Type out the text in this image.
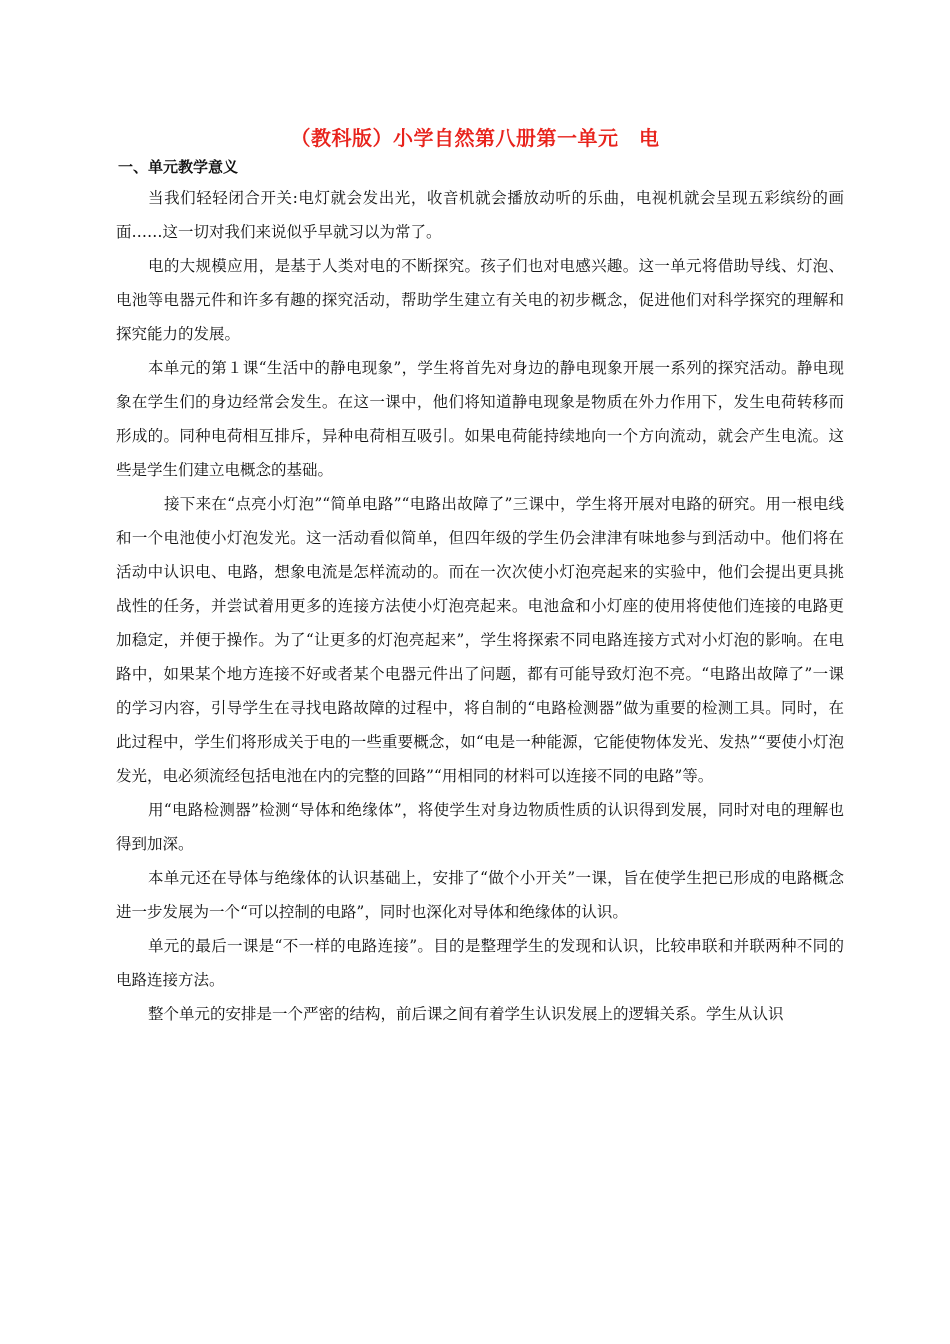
（教科版）小学自然第八册第一单元　电
一、单元教学意义

当我们轻轻闭合开关:电灯就会发出光，收音机就会播放动听的乐曲，电视机就会呈现五彩缤纷的画面……这一切对我们来说似乎早就习以为常了。

电的大规模应用，是基于人类对电的不断探究。孩子们也对电感兴趣。这一单元将借助导线、灯泡、电池等电器元件和许多有趣的探究活动，帮助学生建立有关电的初步概念，促进他们对科学探究的理解和探究能力的发展。

本单元的第１课“生活中的静电现象”，学生将首先对身边的静电现象开展一系列的探究活动。静电现象在学生们的身边经常会发生。在这一课中，他们将知道静电现象是物质在外力作用下，发生电荷转移而形成的。同种电荷相互排斥，异种电荷相互吸引。如果电荷能持续地向一个方向流动，就会产生电流。这些是学生们建立电概念的基础。

接下来在“点亮小灯泡”“简单电路”“电路出故障了”三课中，学生将开展对电路的研究。用一根电线和一个电池使小灯泡发光。这一活动看似简单，但四年级的学生仍会津津有味地参与到活动中。他们将在活动中认识电、电路，想象电流是怎样流动的。而在一次次使小灯泡亮起来的实验中，他们会提出更具挑战性的任务，并尝试着用更多的连接方法使小灯泡亮起来。电池盒和小灯座的使用将使他们连接的电路更加稳定，并便于操作。为了“让更多的灯泡亮起来”，学生将探索不同电路连接方式对小灯泡的影响。在电路中，如果某个地方连接不好或者某个电器元件出了问题，都有可能导致灯泡不亮。“电路出故障了”一课的学习内容，引导学生在寻找电路故障的过程中，将自制的“电路检测器”做为重要的检测工具。同时，在此过程中，学生们将形成关于电的一些重要概念，如“电是一种能源，它能使物体发光、发热”“要使小灯泡发光，电必须流经包括电池在内的完整的回路”“用相同的材料可以连接不同的电路”等。

用“电路检测器”检测“导体和绝缘体”，将使学生对身边物质性质的认识得到发展，同时对电的理解也得到加深。

本单元还在导体与绝缘体的认识基础上，安排了“做个小开关”一课，旨在使学生把已形成的电路概念进一步发展为一个“可以控制的电路”，同时也深化对导体和绝缘体的认识。

单元的最后一课是“不一样的电路连接”。目的是整理学生的发现和认识，比较串联和并联两种不同的电路连接方法。

整个单元的安排是一个严密的结构，前后课之间有着学生认识发展上的逻辑关系。学生从认识
